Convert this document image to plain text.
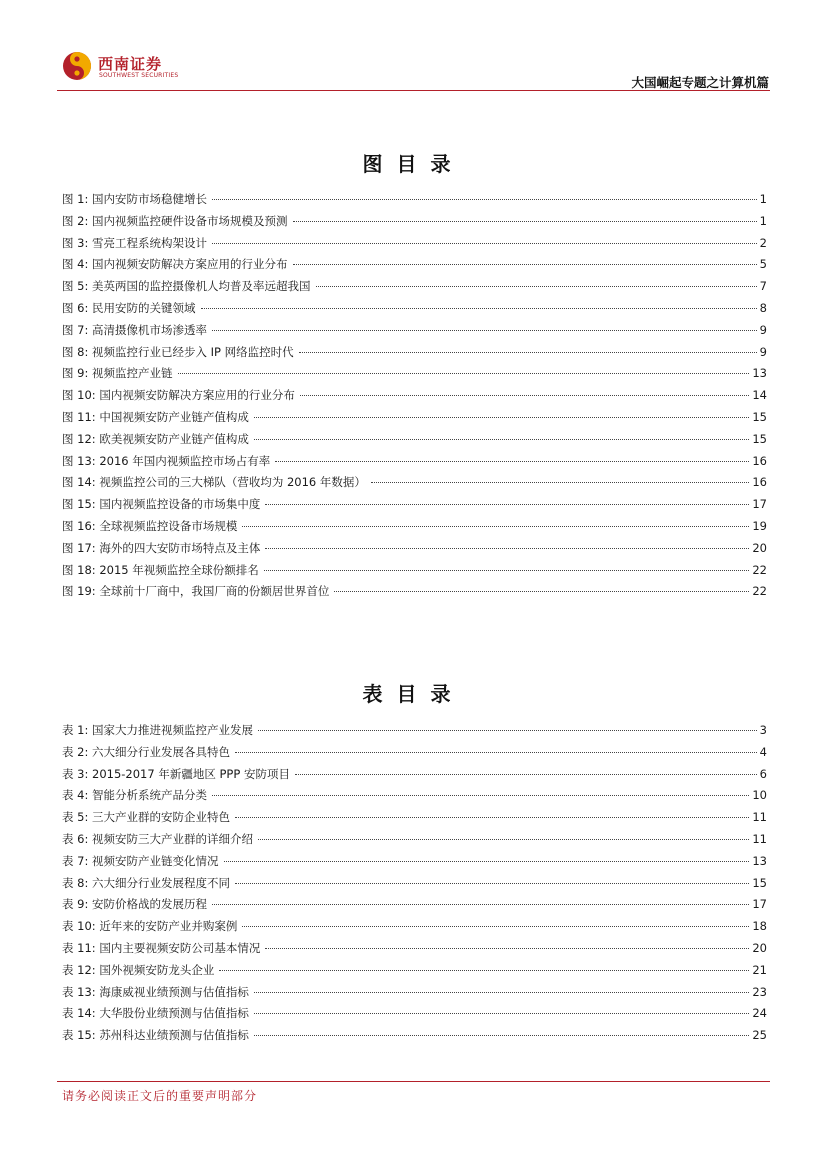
西南证券
SOUTHWEST SECURITIES	大国崛起专题之计算机篇
图目录
图 1: 国内安防市场稳健增长	1
图 2: 国内视频监控硬件设备市场规模及预测	1
图 3: 雪亮工程系统构架设计	2
图 4: 国内视频安防解决方案应用的行业分布	5
图 5: 美英两国的监控摄像机人均普及率远超我国	7
图 6: 民用安防的关键领域	8
图 7: 高清摄像机市场渗透率	9
图 8: 视频监控行业已经步入 IP 网络监控时代	9
图 9: 视频监控产业链	13
图 10: 国内视频安防解决方案应用的行业分布	14
图 11: 中国视频安防产业链产值构成	15
图 12: 欧美视频安防产业链产值构成	15
图 13: 2016 年国内视频监控市场占有率	16
图 14: 视频监控公司的三大梯队（营收均为 2016 年数据）	16
图 15: 国内视频监控设备的市场集中度	17
图 16: 全球视频监控设备市场规模	19
图 17: 海外的四大安防市场特点及主体	20
图 18: 2015 年视频监控全球份额排名	22
图 19: 全球前十厂商中，我国厂商的份额居世界首位	22
表目录
表 1: 国家大力推进视频监控产业发展	3
表 2: 六大细分行业发展各具特色	4
表 3: 2015-2017 年新疆地区 PPP 安防项目	6
表 4: 智能分析系统产品分类	10
表 5: 三大产业群的安防企业特色	11
表 6: 视频安防三大产业群的详细介绍	11
表 7: 视频安防产业链变化情况	13
表 8: 六大细分行业发展程度不同	15
表 9: 安防价格战的发展历程	17
表 10: 近年来的安防产业并购案例	18
表 11: 国内主要视频安防公司基本情况	20
表 12: 国外视频安防龙头企业	21
表 13: 海康威视业绩预测与估值指标	23
表 14: 大华股份业绩预测与估值指标	24
表 15: 苏州科达业绩预测与估值指标	25
请务必阅读正文后的重要声明部分
